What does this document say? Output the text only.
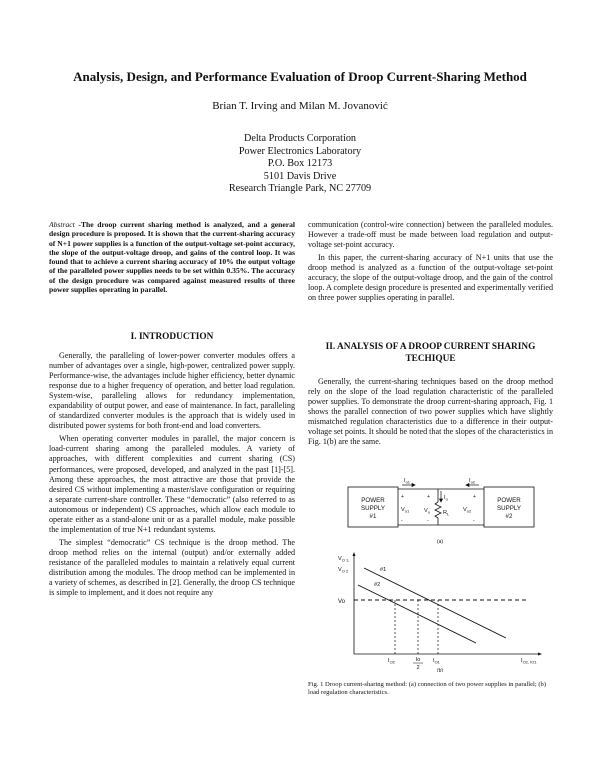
Analysis, Design, and Performance Evaluation of Droop Current-Sharing Method
Brian T. Irving and Milan M. Jovanović
Delta Products Corporation
Power Electronics Laboratory
P.O. Box 12173
5101 Davis Drive
Research Triangle Park, NC 27709
Abstract -The droop current sharing method is analyzed, and a general design procedure is proposed. It is shown that the current-sharing accuracy of N+1 power supplies is a function of the output-voltage set-point accuracy, the slope of the output-voltage droop, and gains of the control loop. It was found that to achieve a current sharing accuracy of 10% the output voltage of the paralleled power supplies needs to be set within 0.35%. The accuracy of the design procedure was compared against measured results of three power supplies operating in parallel.
I. INTRODUCTION

Generally, the paralleling of lower-power converter modules offers a number of advantages over a single, high-power, centralized power supply. Performance-wise, the advantages include higher efficiency, better dynamic response due to a higher frequency of operation, and better load regulation. System-wise, paralleling allows for redundancy implementation, expandability of output power, and ease of maintenance. In fact, paralleling of standardized converter modules is the approach that is widely used in distributed power systems for both front-end and load converters.

When operating converter modules in parallel, the major concern is load-current sharing among the paralleled modules. A variety of approaches, with different complexities and current sharing (CS) performances, were proposed, developed, and analyzed in the past [1]-[5]. Among these approaches, the most attractive are those that provide the desired CS without implementing a master/slave configuration or requiring a separate current-share controller. These “democratic” (also referred to as autonomous or independent) CS approaches, which allow each module to operate either as a stand-alone unit or as a parallel module, make possible the implementation of true N+1 redundant systems.

The simplest “democratic” CS technique is the droop method. The droop method relies on the internal (output) and/or externally added resistance of the paralleled modules to maintain a relatively equal current distribution among the modules. The droop method can be implemented in a variety of schemes, as described in [2]. Generally, the droop CS technique is simple to implement, and it does not require any

communication (control-wire connection) between the paralleled modules. However a trade-off must be made between load regulation and output-voltage set-point accuracy.

In this paper, the current-sharing accuracy of N+1 units that use the droop method is analyzed as a function of the output-voltage set-point accuracy, the slope of the output-voltage droop, and the gain of the control loop. A complete design procedure is presented and experimentally verified on three power supplies operating in parallel.

II. ANALYSIS OF A DROOP CURRENT SHARING
TECHIQUE

Generally, the current-sharing techniques based on the droop method rely on the slope of the load regulation characteristic of the paralleled power supplies. To demonstrate the droop current-sharing approach, Fig. 1 shows the parallel connection of two power supplies which have slightly mismatched regulation characteristics due to a difference in their output-voltage set points. It should be noted that the slopes of the characteristics in Fig. 1(b) are the same.

POWER
SUPPLY
#1
POWER
SUPPLY
#2
$I_{o1}$	$I_{o2}$
$I_o$
$V_{o1}$	$V_o$	$V_{o2}$
$R_L$
+
-
+
-
+
-
(a)
$V_{O 1,}$
$V_{O 2}$	#1
#2
Vo
$I_{O2}$	Io
2
$I_{O1}$	$I_{O2, IO1}$
(b)
Fig. 1 Droop current-sharing method: (a) connection of two power supplies in parallel; (b) load regulation characteristics.
